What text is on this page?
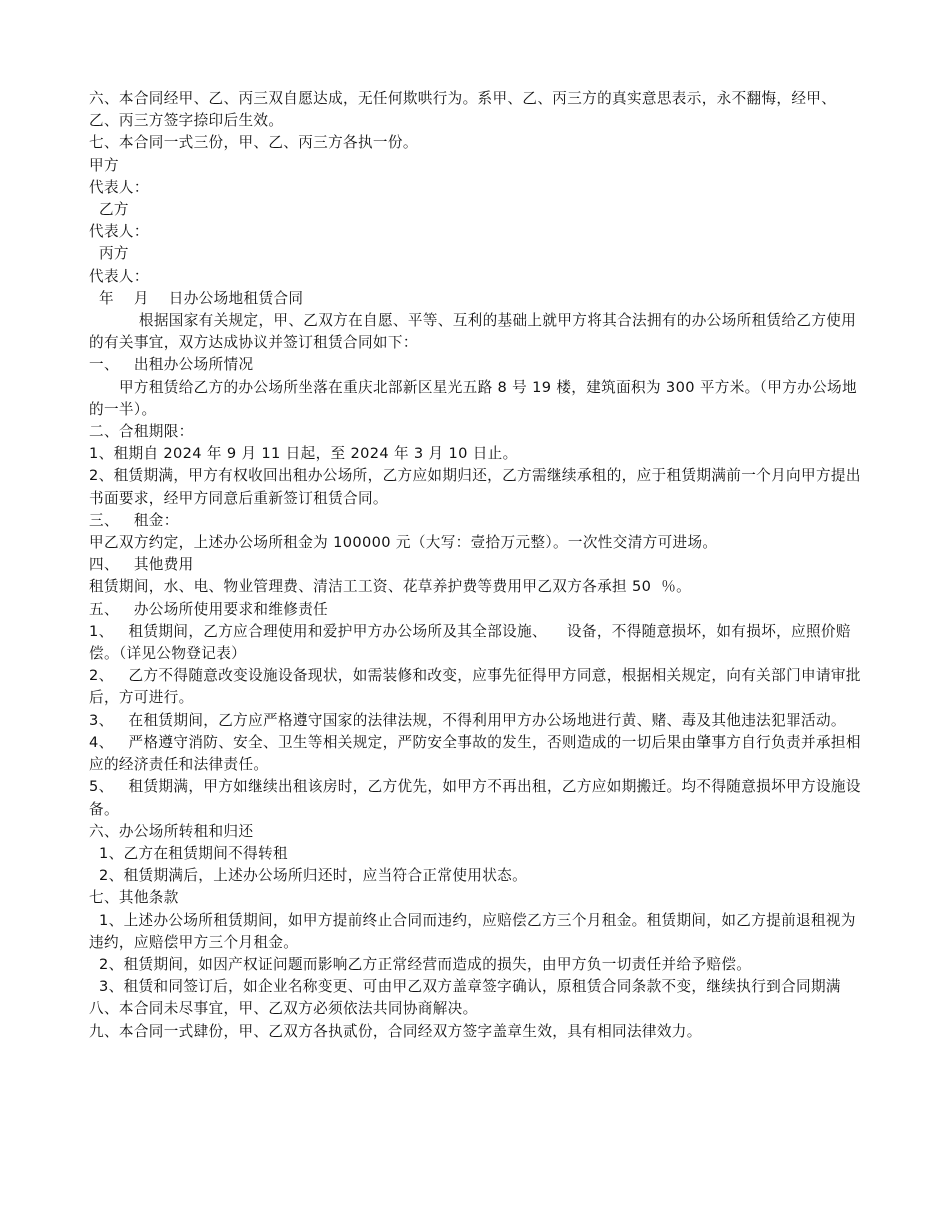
六、本合同经甲、乙、丙三双自愿达成，无任何欺哄行为。系甲、乙、丙三方的真实意思表示，永不翻悔，经甲、乙、丙三方签字捺印后生效。

七、本合同一式三份，甲、乙、丙三方各执一份。

甲方

代表人：

乙方

代表人：

丙方

代表人：

年    月    日办公场地租赁合同

根据国家有关规定，甲、乙双方在自愿、平等、互利的基础上就甲方将其合法拥有的办公场所租赁给乙方使用的有关事宜，双方达成协议并签订租赁合同如下：

一、   出租办公场所情况

甲方租赁给乙方的办公场所坐落在重庆北部新区星光五路 8 号 19 楼，建筑面积为 300 平方米。（甲方办公场地的一半）。

二、合租期限：

1、租期自 2024 年 9 月 11 日起，至 2024 年 3 月 10 日止。

2、租赁期满，甲方有权收回出租办公场所，乙方应如期归还，乙方需继续承租的，应于租赁期满前一个月向甲方提出书面要求，经甲方同意后重新签订租赁合同。

三、   租金：

甲乙双方约定，上述办公场所租金为 100000 元（大写：壹拾万元整）。一次性交清方可进场。

四、   其他费用

租赁期间，水、电、物业管理费、清洁工工资、花草养护费等费用甲乙双方各承担 50  ％。

五、   办公场所使用要求和维修责任

1、   租赁期间，乙方应合理使用和爱护甲方办公场所及其全部设施、    设备，不得随意损坏，如有损坏，应照价赔偿。（详见公物登记表）

2、   乙方不得随意改变设施设备现状，如需装修和改变，应事先征得甲方同意，根据相关规定，向有关部门申请审批后，方可进行。

3、   在租赁期间，乙方应严格遵守国家的法律法规，不得利用甲方办公场地进行黄、赌、毒及其他违法犯罪活动。

4、   严格遵守消防、安全、卫生等相关规定，严防安全事故的发生，否则造成的一切后果由肇事方自行负责并承担相应的经济责任和法律责任。

5、   租赁期满，甲方如继续出租该房时，乙方优先，如甲方不再出租，乙方应如期搬迁。均不得随意损坏甲方设施设备。

六、办公场所转租和归还

1、乙方在租赁期间不得转租

2、租赁期满后，上述办公场所归还时，应当符合正常使用状态。

七、其他条款

1、上述办公场所租赁期间，如甲方提前终止合同而违约，应赔偿乙方三个月租金。租赁期间，如乙方提前退租视为违约，应赔偿甲方三个月租金。

2、租赁期间，如因产权证问题而影响乙方正常经营而造成的损失，由甲方负一切责任并给予赔偿。

3、租赁和同签订后，如企业名称变更、可由甲乙双方盖章签字确认，原租赁合同条款不变，继续执行到合同期满

八、本合同未尽事宜，甲、乙双方必须依法共同协商解决。

九、本合同一式肆份，甲、乙双方各执贰份，合同经双方签字盖章生效，具有相同法律效力。
